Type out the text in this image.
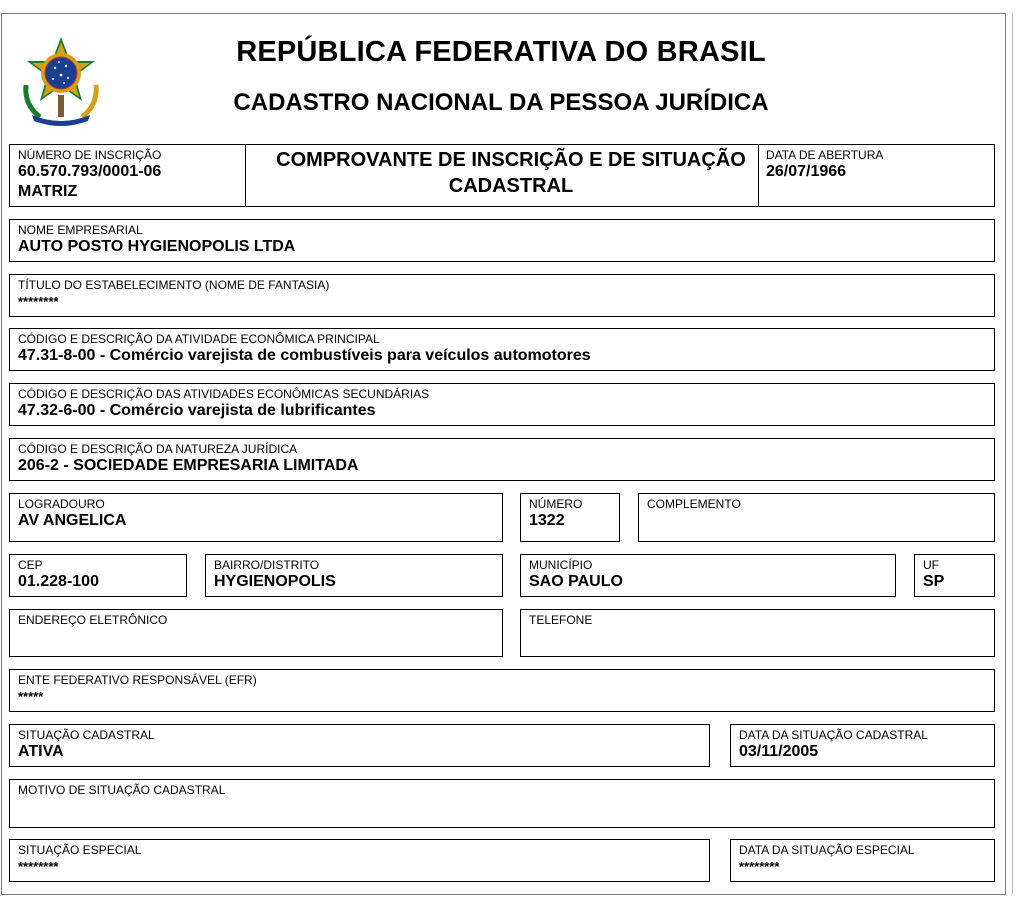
REPÚBLICA FEDERATIVA DO BRASIL
CADASTRO NACIONAL DA PESSOA JURÍDICA
NÚMERO DE INSCRIÇÃO
60.570.793/0001-06
MATRIZ
COMPROVANTE DE INSCRIÇÃO E DE SITUAÇÃO CADASTRAL
DATA DE ABERTURA
26/07/1966
NOME EMPRESARIAL
AUTO POSTO HYGIENOPOLIS LTDA
TÍTULO DO ESTABELECIMENTO (NOME DE FANTASIA)
********
CÓDIGO E DESCRIÇÃO DA ATIVIDADE ECONÔMICA PRINCIPAL
47.31-8-00 - Comércio varejista de combustíveis para veículos automotores
CÓDIGO E DESCRIÇÃO DAS ATIVIDADES ECONÔMICAS SECUNDÁRIAS
47.32-6-00 - Comércio varejista de lubrificantes
CÓDIGO E DESCRIÇÃO DA NATUREZA JURÍDICA
206-2 - SOCIEDADE EMPRESARIA LIMITADA
LOGRADOURO
AV ANGELICA
NÚMERO
1322
COMPLEMENTO
CEP
01.228-100
BAIRRO/DISTRITO
HYGIENOPOLIS
MUNICÍPIO
SAO PAULO
UF
SP
ENDEREÇO ELETRÔNICO	TELEFONE
ENTE FEDERATIVO RESPONSÁVEL (EFR)
*****
SITUAÇÃO CADASTRAL
ATIVA
DATA DA SITUAÇÃO CADASTRAL
03/11/2005
MOTIVO DE SITUAÇÃO CADASTRAL
SITUAÇÃO ESPECIAL
********
DATA DA SITUAÇÃO ESPECIAL
********
